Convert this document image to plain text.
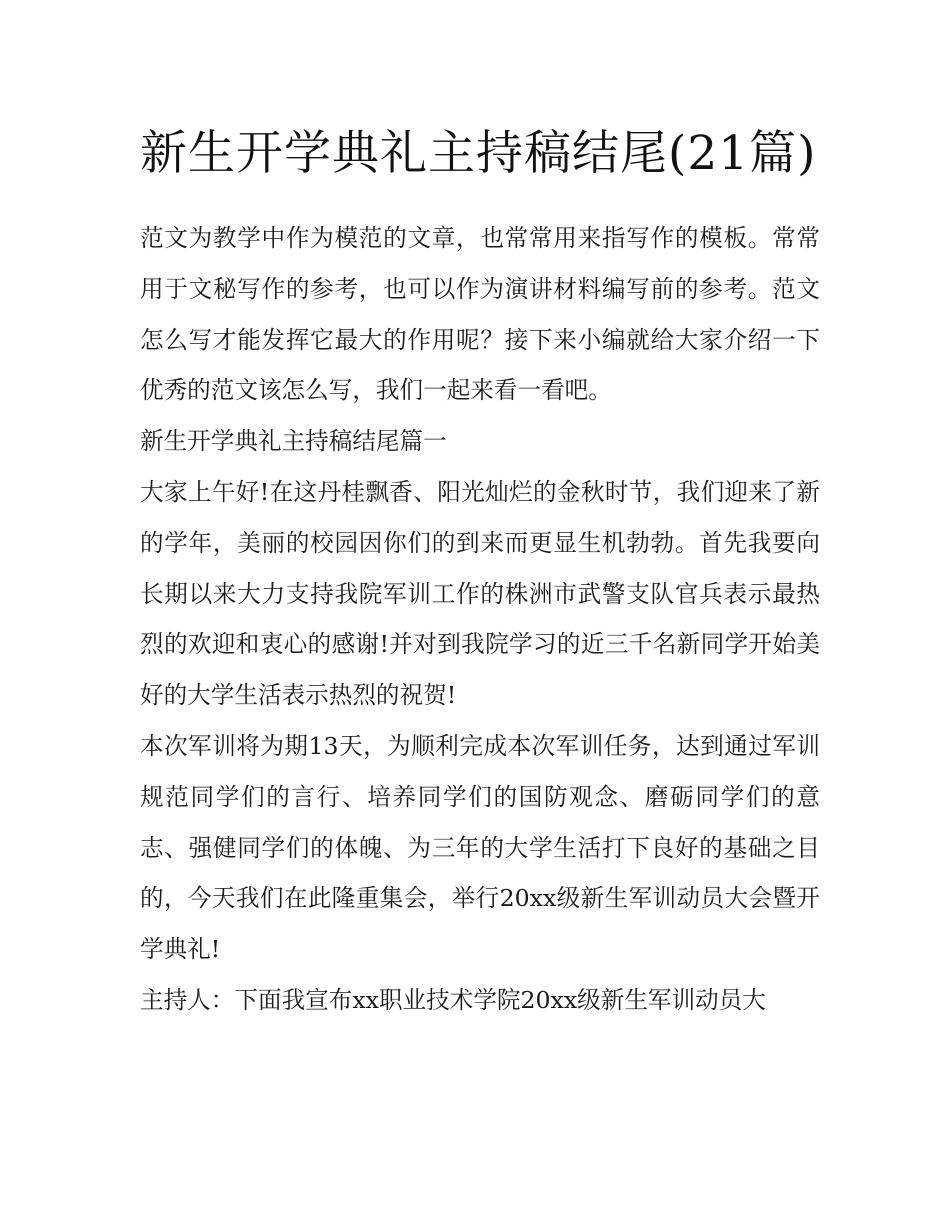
新生开学典礼主持稿结尾(21篇)

范文为教学中作为模范的文章，也常常用来指写作的模板。常常用于文秘写作的参考，也可以作为演讲材料编写前的参考。范文怎么写才能发挥它最大的作用呢？接下来小编就给大家介绍一下优秀的范文该怎么写，我们一起来看一看吧。

新生开学典礼主持稿结尾篇一

大家上午好!在这丹桂飘香、阳光灿烂的金秋时节，我们迎来了新的学年，美丽的校园因你们的到来而更显生机勃勃。首先我要向长期以来大力支持我院军训工作的株洲市武警支队官兵表示最热烈的欢迎和衷心的感谢!并对到我院学习的近三千名新同学开始美好的大学生活表示热烈的祝贺!

本次军训将为期13天，为顺利完成本次军训任务，达到通过军训规范同学们的言行、培养同学们的国防观念、磨砺同学们的意志、强健同学们的体魄、为三年的大学生活打下良好的基础之目的，今天我们在此隆重集会，举行20xx级新生军训动员大会暨开学典礼!

主持人：下面我宣布xx职业技术学院20xx级新生军训动员大
